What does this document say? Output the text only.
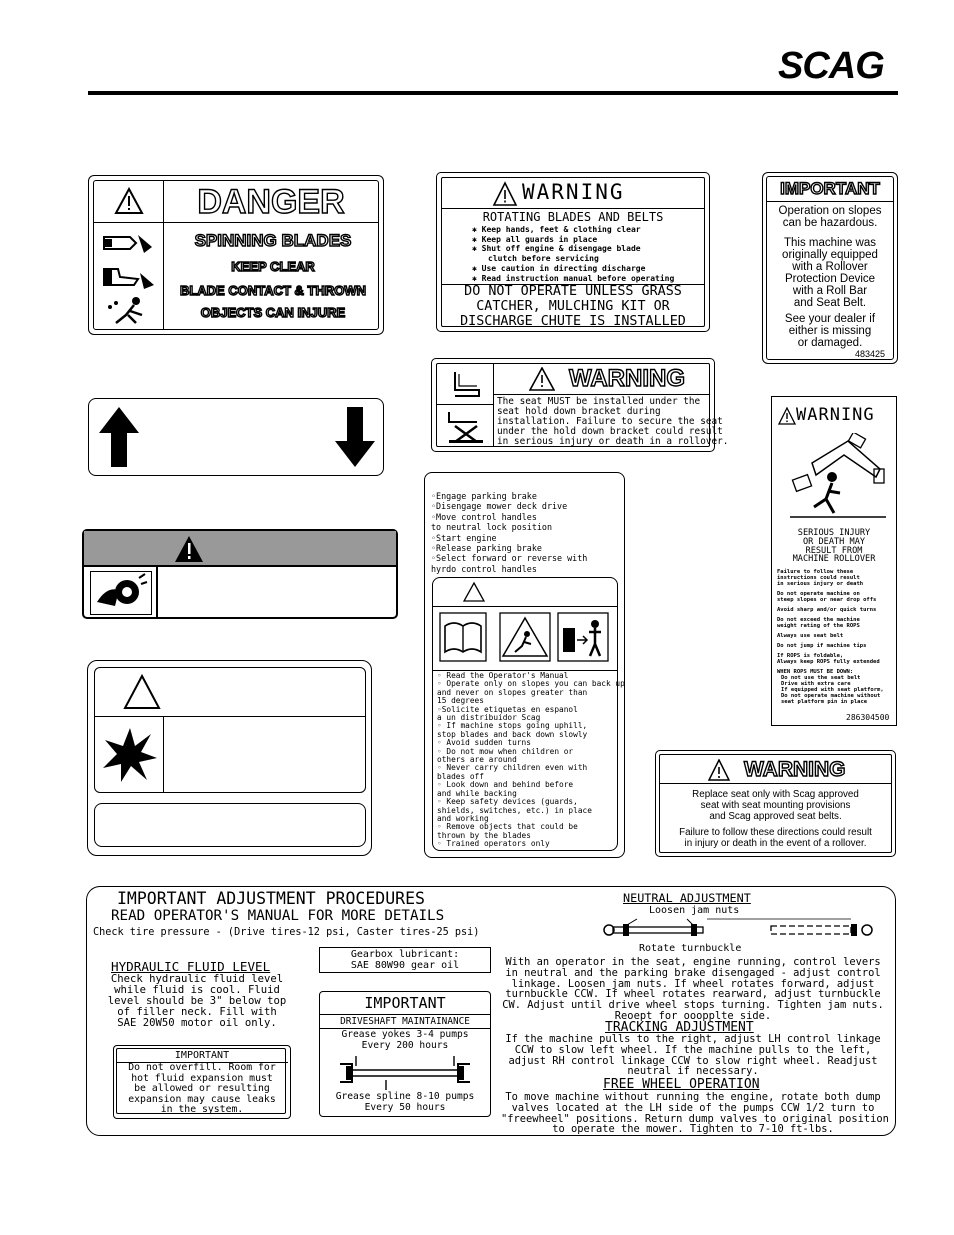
SCAG
DANGER
SPINNING BLADES
KEEP CLEAR
BLADE CONTACT & THROWN
OBJECTS CAN INJURE
WARNING
ROTATING BLADES AND BELTS
✱ Keep hands, feet & clothing clear
✱ Keep all guards in place
✱ Shut off engine & disengage blade
clutch before servicing
✱ Use caution in directing discharge
✱ Read instruction manual before operating
DO NOT OPERATE UNLESS GRASS
CATCHER, MULCHING KIT OR
DISCHARGE CHUTE IS INSTALLED
WARNING
The seat MUST be installed under the
seat hold down bracket during
installation. Failure to secure the seat
under the hold down bracket could result
in serious injury or death in a rollover.
IMPORTANT
Operation on slopes
can be hazardous.
This machine was
originally equipped
with a Rollover
Protection Device
with a Roll Bar
and Seat Belt.
See your dealer if
either is missing
or damaged.
483425
WARNING
SERIOUS INJURY
OR DEATH MAY
RESULT FROM
MACHINE ROLLOVER
Failure to follow these
instructions could result
in serious injury or death
Do not operate machine on
steep slopes or near drop offs
Avoid sharp and/or quick turns
Do not exceed the machine
weight rating of the ROPS
Always use seat belt
Do not jump if machine tips
If ROPS is foldable,
Always keep ROPS fully extended
WHEN ROPS MUST BE DOWN:
Do not use the seat belt
Drive with extra care
If equipped with seat platform,
Do not operate machine without
seat platform pin in place
286304500
◦Engage parking brake
◦Disengage mower deck drive
◦Move control handles
to neutral lock position
◦Start engine
◦Release parking brake
◦Select forward or reverse with
hyrdo control handles
◦ Read the Operator's Manual
◦ Operate only on slopes you can back up
and never on slopes greater than
15 degrees
◦Solicite etiquetas en espanol
a un distribuidor Scag
◦ If machine stops going uphill,
stop blades and back down slowly
◦ Avoid sudden turns
◦ Do not mow when children or
others are around
◦ Never carry children even with
blades off
◦ Look down and behind before
and while backing
◦ Keep safety devices (guards,
shields, switches, etc.) in place
and working
◦ Remove objects that could be
thrown by the blades
◦ Trained operators only
WARNING
Replace seat only with Scag approved
seat with seat mounting provisions
and Scag approved seat belts.
Failure to follow these directions could result
in injury or death in the event of a rollover.
IMPORTANT ADJUSTMENT PROCEDURES
READ OPERATOR'S MANUAL FOR MORE DETAILS
Check tire pressure - (Drive tires-12 psi, Caster tires-25 psi)
HYDRAULIC FLUID LEVEL
Check hydraulic fluid level
while fluid is cool. Fluid
level should be 3" below top
of filler neck. Fill with
SAE 20W50 motor oil only.
IMPORTANT
Do not overfill. Room for
hot fluid expansion must
be allowed or resulting
expansion may cause leaks
in the system.
Gearbox lubricant:
SAE 80W90 gear oil
IMPORTANT
DRIVESHAFT MAINTAINANCE
Grease yokes 3-4 pumps
Every 200 hours
Grease spline 8-10 pumps
Every 50 hours
NEUTRAL ADJUSTMENT
Loosen jam nuts
Rotate turnbuckle
With an operator in the seat, engine running, control levers
in neutral and the parking brake disengaged - adjust control
linkage. Loosen jam nuts. If wheel rotates forward, adjust
turnbuckle CCW. If wheel rotates rearward, adjust turnbuckle
CW. Adjust until drive wheel stops turning. Tighten jam nuts.
Reoept for ooopplte side.
TRACKING ADJUSTMENT
If the machine pulls to the right, adjust LH control linkage
CCW to slow left wheel. If the machine pulls to the left,
adjust RH control linkage CCW to slow right wheel. Readjust
neutral if necessary.
FREE WHEEL OPERATION
To move machine without running the engine, rotate both dump
valves located at the LH side of the pumps CCW 1/2 turn to
"freewheel" positions. Return dump valves to original position
to operate the mower. Tighten to 7-10 ft-lbs.
